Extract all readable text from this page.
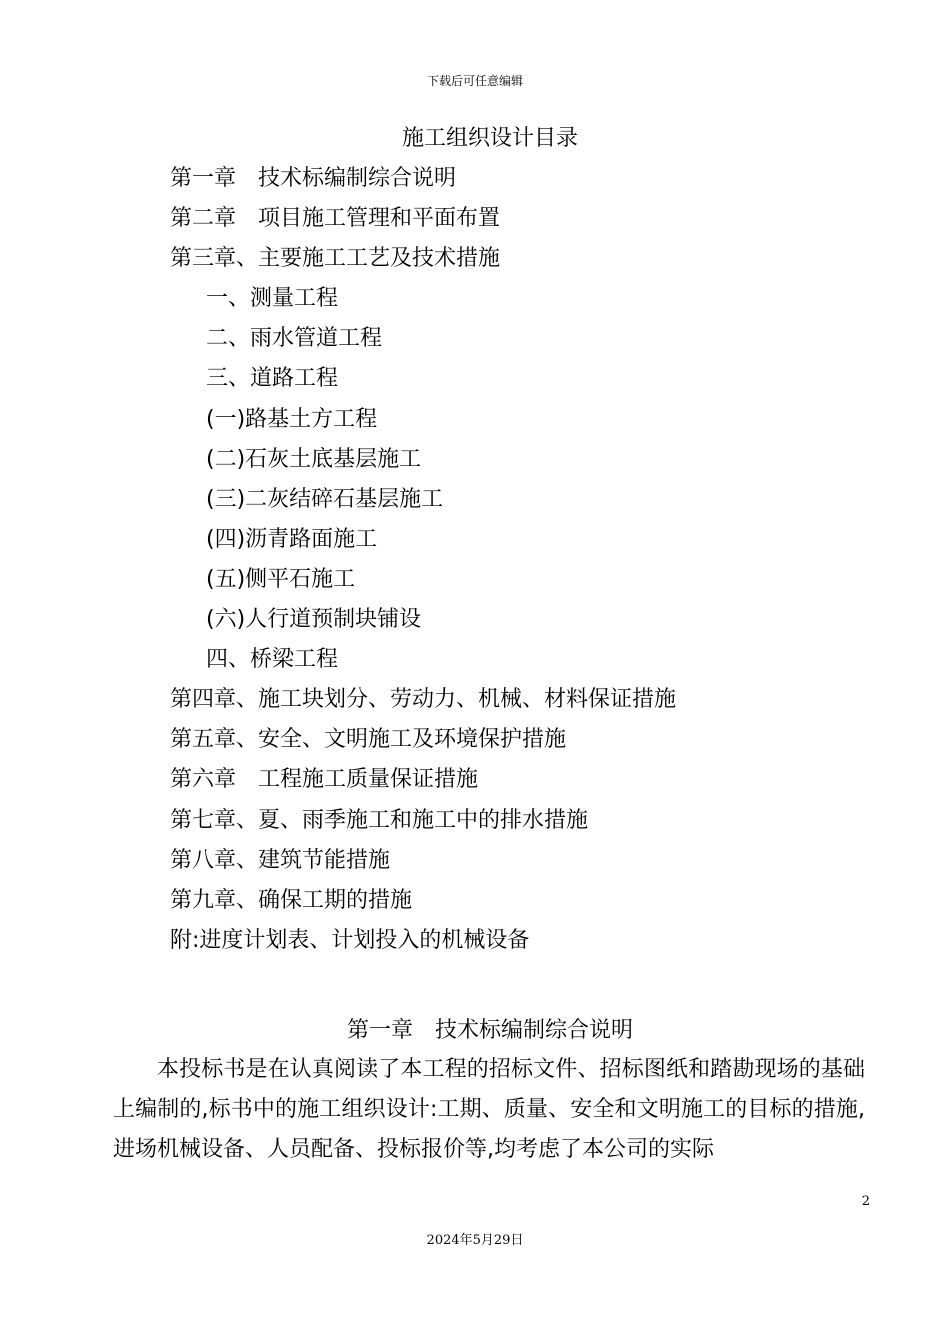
下载后可任意编辑
施工组织设计目录
第一章　技术标编制综合说明
第二章　项目施工管理和平面布置
第三章、主要施工工艺及技术措施
一、测量工程
二、雨水管道工程
三、道路工程
(一)路基土方工程
(二)石灰土底基层施工
(三)二灰结碎石基层施工
(四)沥青路面施工
(五)侧平石施工
(六)人行道预制块铺设
四、桥梁工程
第四章、施工块划分、劳动力、机械、材料保证措施
第五章、安全、文明施工及环境保护措施
第六章　工程施工质量保证措施
第七章、夏、雨季施工和施工中的排水措施
第八章、建筑节能措施
第九章、确保工期的措施
附:进度计划表、计划投入的机械设备
第一章　技术标编制综合说明

本投标书是在认真阅读了本工程的招标文件、招标图纸和踏勘现场的基础上编制的,标书中的施工组织设计:工期、质量、安全和文明施工的目标的措施,进场机械设备、人员配备、投标报价等,均考虑了本公司的实际

2
2024年5月29日
